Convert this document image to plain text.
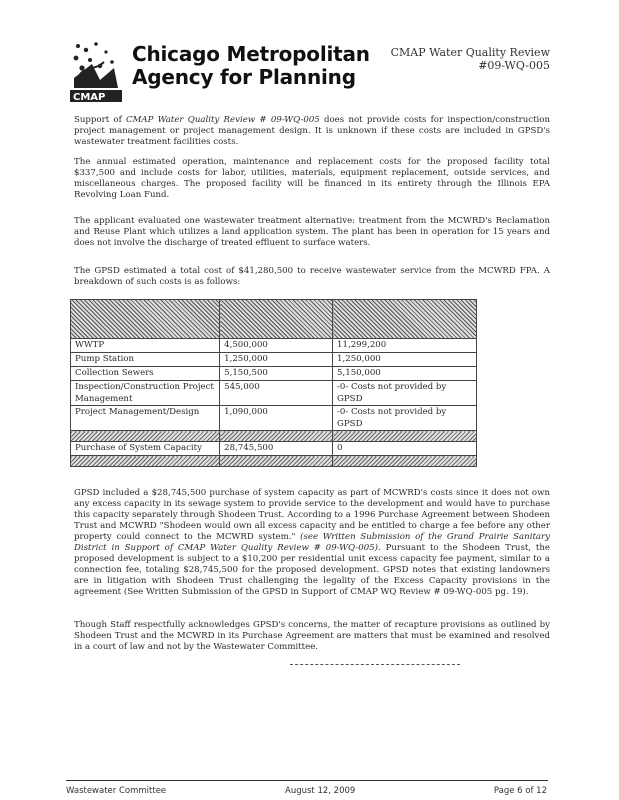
CMAP
Chicago Metropolitan
Agency for Planning
CMAP Water Quality Review
#09-WQ-005

Support of CMAP Water Quality Review # 09-WQ-005 does not provide costs for inspection/construction project management or project management design. It is unknown if these costs are included in GPSD's wastewater treatment facilities costs.

The annual estimated operation, maintenance and replacement costs for the proposed facility total $337,500 and include costs for labor, utilities, materials, equipment replacement, outside services, and miscellaneous charges. The proposed facility will be financed in its entirety through the Illinois EPA Revolving Loan Fund.

The applicant evaluated one wastewater treatment alternative: treatment from the MCWRD's Reclamation and Reuse Plant which utilizes a land application system. The plant has been in operation for 15 years and does not involve the discharge of treated effluent to surface waters.

The GPSD estimated a total cost of $41,280,500 to receive wastewater service from the MCWRD FPA. A breakdown of such costs is as follows:

WWTP	4,500,000	11,299,200
Pump Station	1,250,000	1,250,000
Collection Sewers	5,150,500	5,150,000
Inspection/Construction Project Management	545,000	-0- Costs not provided by GPSD
Project Management/Design	1,090,000	-0- Costs not provided by GPSD

Purchase of System Capacity	28,745,500	0

GPSD included a $28,745,500 purchase of system capacity as part of MCWRD's costs since it does not own any excess capacity in its sewage system to provide service to the development and would have to purchase this capacity separately through Shodeen Trust. According to a 1996 Purchase Agreement between Shodeen Trust and MCWRD "Shodeen would own all excess capacity and be entitled to charge a fee before any other property could connect to the MCWRD system." (see Written Submission of the Grand Prairie Sanitary District in Support of CMAP Water Quality Review # 09-WQ-005). Pursuant to the Shodeen Trust, the proposed development is subject to a $10,200 per residential unit excess capacity fee payment, similar to a connection fee, totaling $28,745,500 for the proposed development. GPSD notes that existing landowners are in litigation with Shodeen Trust challenging the legality of the Excess Capacity provisions in the agreement (See Written Submission of the GPSD in Support of CMAP WQ Review # 09-WQ-005 pg. 19).

Though Staff respectfully acknowledges GPSD's concerns, the matter of recapture provisions as outlined by Shodeen Trust and the MCWRD in its Purchase Agreement are matters that must be examined and resolved in a court of law and not by the Wastewater Committee.

Wastewater Committee	August 12, 2009	Page 6 of 12
